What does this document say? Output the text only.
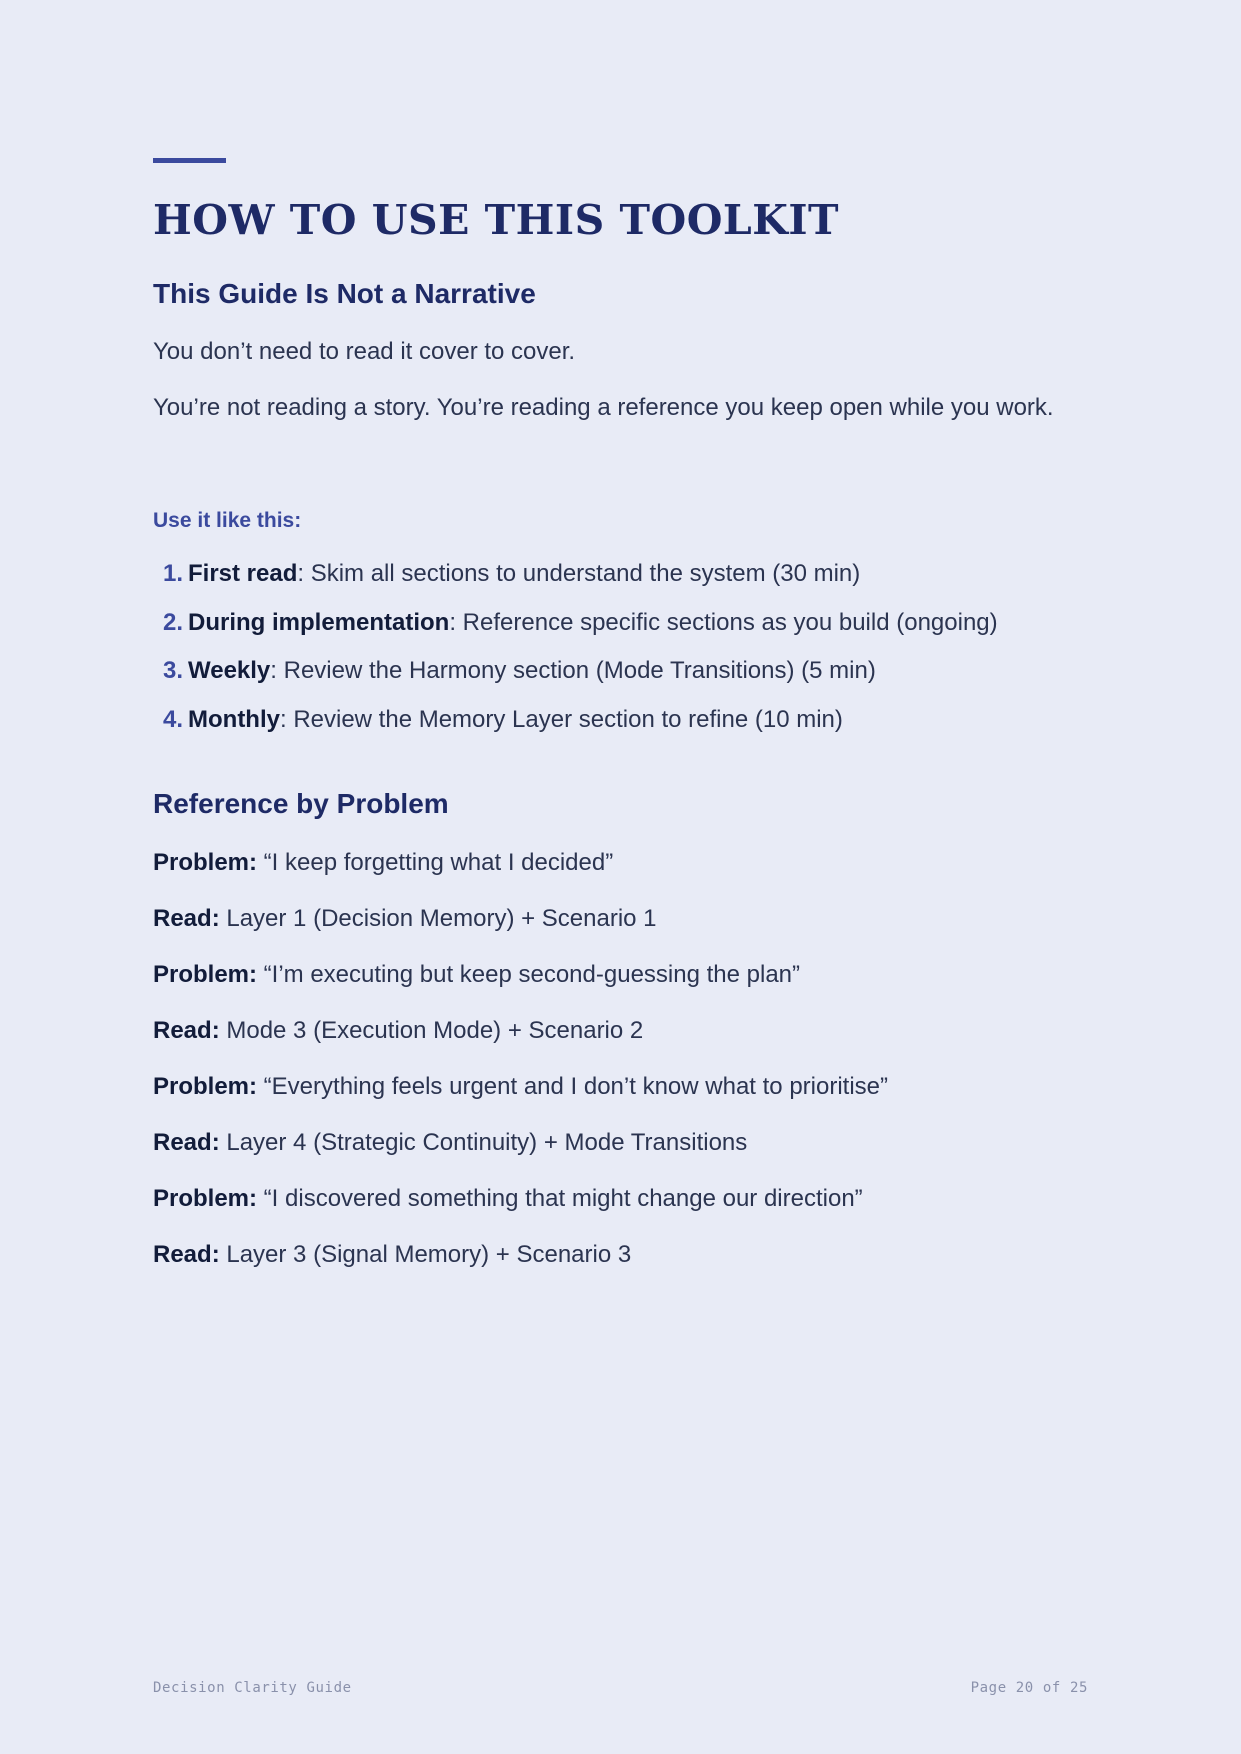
HOW TO USE THIS TOOLKIT
This Guide Is Not a Narrative

You don’t need to read it cover to cover.

You’re not reading a story. You’re reading a reference you keep open while you work.

Use it like this:

1. First read: Skim all sections to understand the system (30 min)
2. During implementation: Reference specific sections as you build (ongoing)
3. Weekly: Review the Harmony section (Mode Transitions) (5 min)
4. Monthly: Review the Memory Layer section to refine (10 min)
Reference by Problem
Problem: “I keep forgetting what I decided”
Read: Layer 1 (Decision Memory) + Scenario 1
Problem: “I’m executing but keep second-guessing the plan”
Read: Mode 3 (Execution Mode) + Scenario 2
Problem: “Everything feels urgent and I don’t know what to prioritise”
Read: Layer 4 (Strategic Continuity) + Mode Transitions
Problem: “I discovered something that might change our direction”
Read: Layer 3 (Signal Memory) + Scenario 3
Decision Clarity Guide	Page 20 of 25
